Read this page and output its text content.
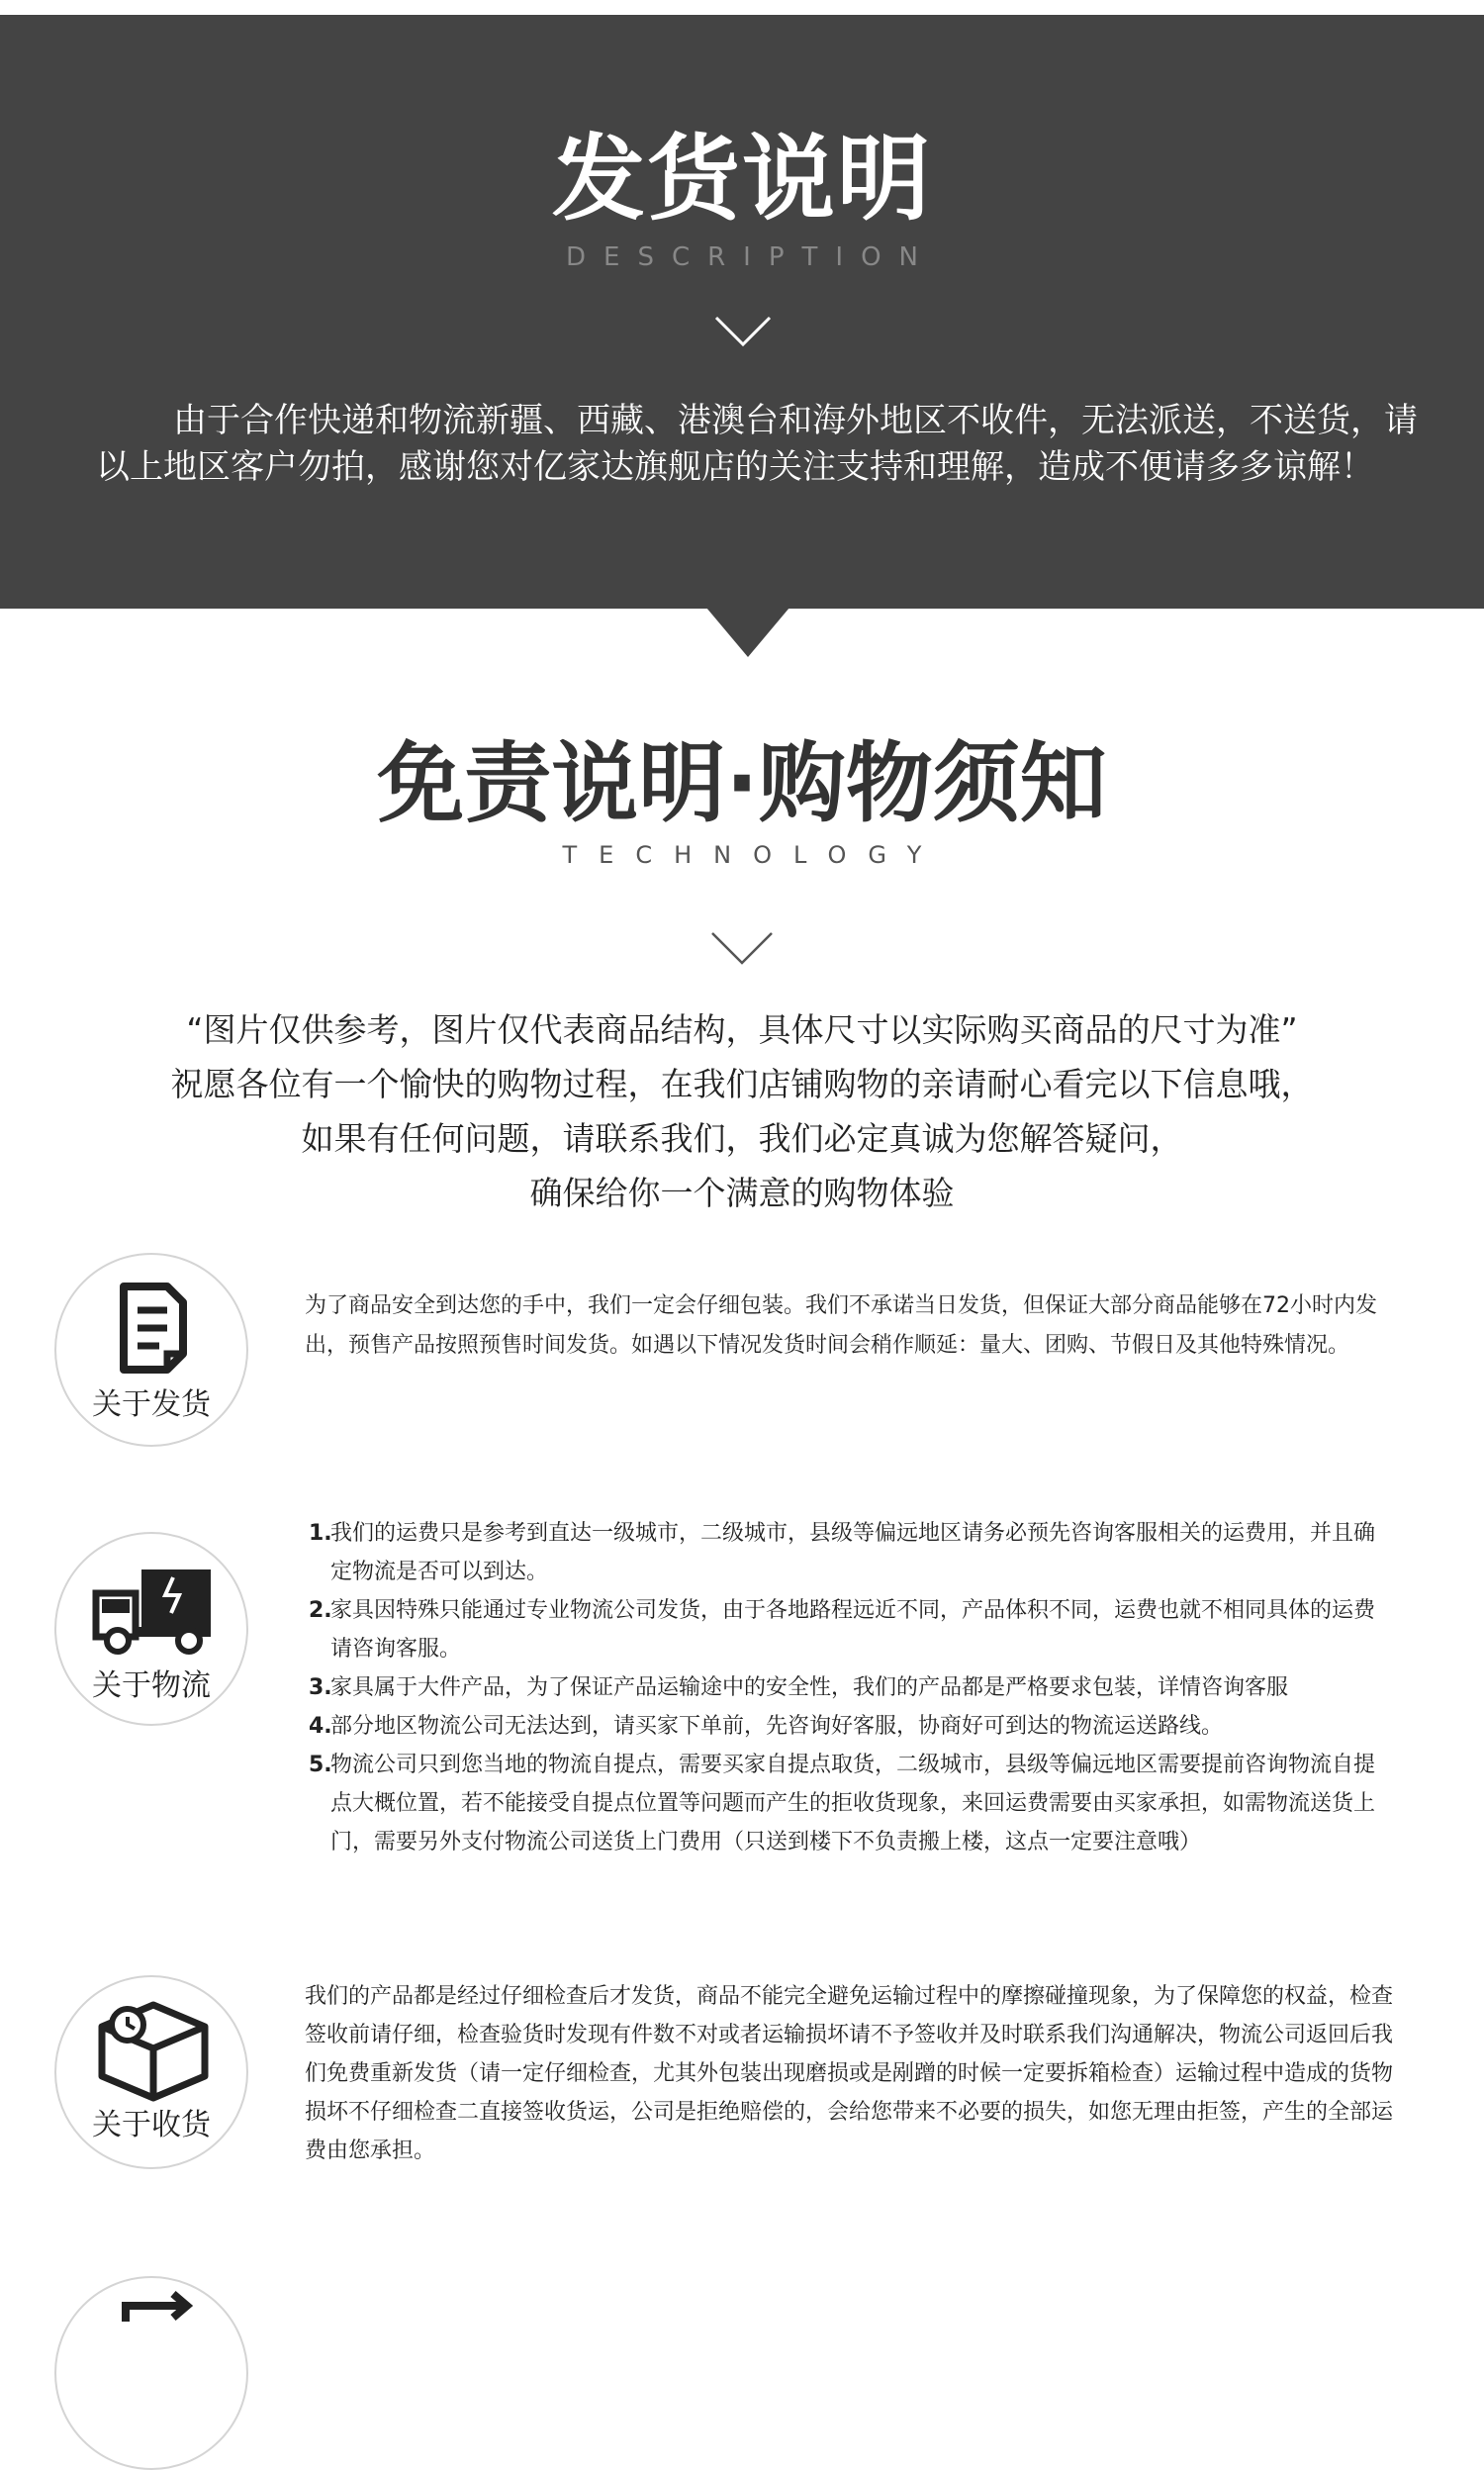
发货说明
DESCRIPTION
由于合作快递和物流新疆、西藏、港澳台和海外地区不收件，无法派送，不送货，请以上地区客户勿拍，感谢您对亿家达旗舰店的关注支持和理解，造成不便请多多谅解！
免责说明·购物须知
TECHNOLOGY
“图片仅供参考，图片仅代表商品结构，具体尺寸以实际购买商品的尺寸为准”
祝愿各位有一个愉快的购物过程，在我们店铺购物的亲请耐心看完以下信息哦，
如果有任何问题，请联系我们，我们必定真诚为您解答疑问，
确保给你一个满意的购物体验
关于发货
为了商品安全到达您的手中，我们一定会仔细包装。我们不承诺当日发货，但保证大部分商品能够在72小时内发出，预售产品按照预售时间发货。如遇以下情况发货时间会稍作顺延：量大、团购、节假日及其他特殊情况。
关于物流
1.
我们的运费只是参考到直达一级城市，二级城市，县级等偏远地区请务必预先咨询客服相关的运费用，并且确定物流是否可以到达。
2.
家具因特殊只能通过专业物流公司发货，由于各地路程远近不同，产品体积不同，运费也就不相同具体的运费请咨询客服。
3.
家具属于大件产品，为了保证产品运输途中的安全性，我们的产品都是严格要求包装，详情咨询客服
4.
部分地区物流公司无法达到，请买家下单前，先咨询好客服，协商好可到达的物流运送路线。
5.
物流公司只到您当地的物流自提点，需要买家自提点取货，二级城市，县级等偏远地区需要提前咨询物流自提点大概位置，若不能接受自提点位置等问题而产生的拒收货现象，来回运费需要由买家承担，如需物流送货上门，需要另外支付物流公司送货上门费用（只送到楼下不负责搬上楼，这点一定要注意哦）
关于收货
我们的产品都是经过仔细检查后才发货，商品不能完全避免运输过程中的摩擦碰撞现象，为了保障您的权益，检查签收前请仔细，检查验货时发现有件数不对或者运输损坏请不予签收并及时联系我们沟通解决，物流公司返回后我们免费重新发货（请一定仔细检查，尤其外包装出现磨损或是剐蹭的时候一定要拆箱检查）运输过程中造成的货物损坏不仔细检查二直接签收货运，公司是拒绝赔偿的，会给您带来不必要的损失，如您无理由拒签，产生的全部运费由您承担。
